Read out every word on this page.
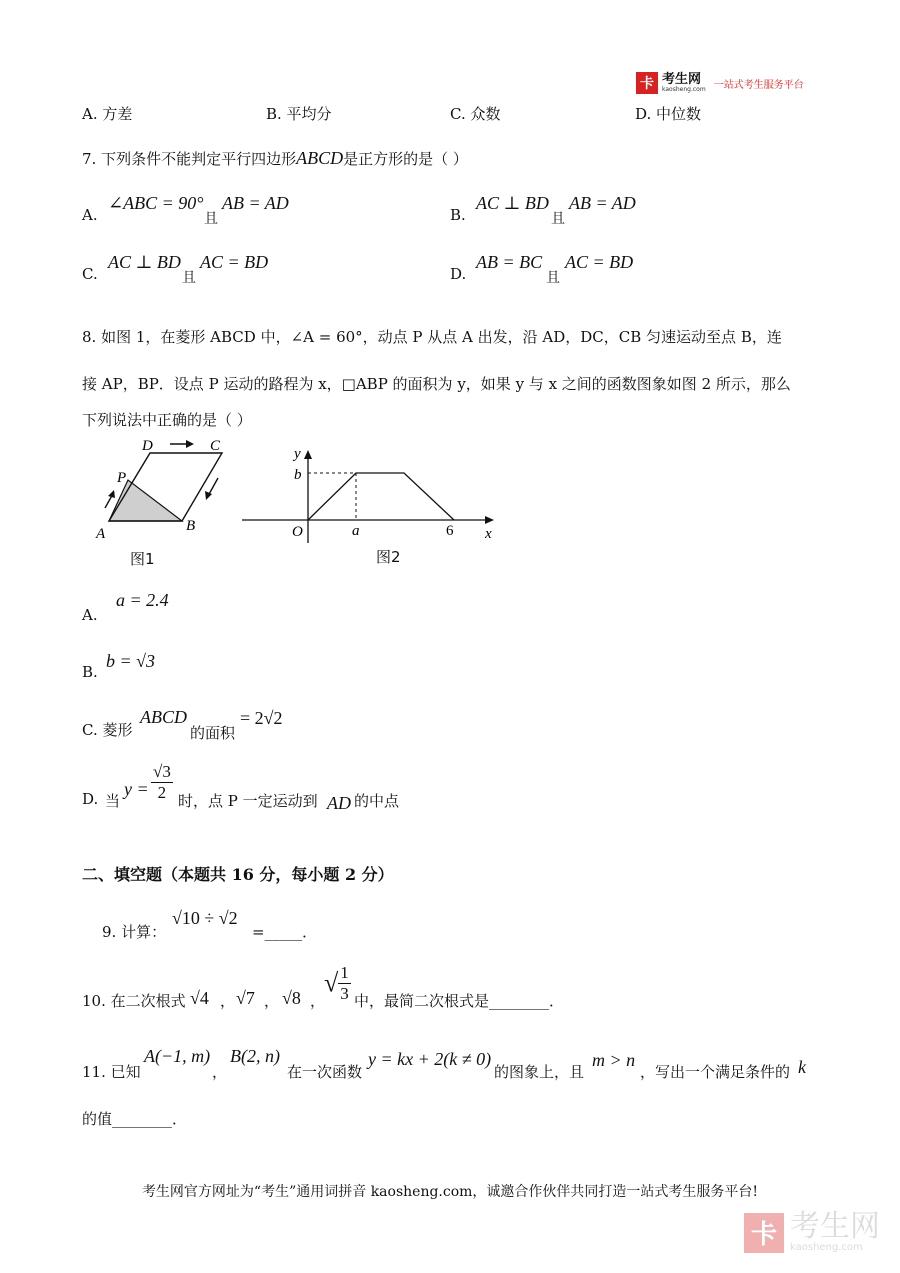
卡 考生网
kaosheng.com 一站式考生服务平台
A. 方差	B. 平均分	C. 众数	D. 中位数
7. 下列条件不能判定平行四边形ABCD是正方形的是（ ）
A.
∠ABC = 90°
且
AB = AD
B.
AC ⊥ BD
且
AB = AD
C.
AC ⊥ BD
且
AC = BD
D.
AB = BC
且
AC = BD
8. 如图 1，在菱形 ABCD 中，∠A = 60°，动点 P 从点 A 出发，沿 AD，DC，CB 匀速运动至点 B，连
接 AP，BP．设点 P 运动的路程为 x，□ABP 的面积为 y，如果 y 与 x 之间的函数图象如图 2 所示，那么
下列说法中正确的是（ ）
A	B
C
D
P
图1
y
b
O	a	6 x
图2
A.
a = 2.4
B.
b = √3
C. 菱形
ABCD
的面积
= 2√2
D. 当
$y = \frac{√3}{2}$ 时，点 P 一定运动到 AD 的中点
二、填空题（本题共 16 分，每小题 2 分）
9. 计算：
√10 ÷ √2
=_____．
10. 在二次根式 √4 ， √7 ， √8 ，
√ $\frac{1}{3}$ 中，最简二次根式是________．
11. 已知
A(−1, m)
，
B(2, n)
在一次函数
y = kx + 2(k ≠ 0)
的图象上，且
m > n
，写出一个满足条件的 k
的值________．
考生网官方网址为“考生”通用词拼音 kaosheng.com，诚邀合作伙伴共同打造一站式考生服务平台!
卡 考生网
kaosheng.com
